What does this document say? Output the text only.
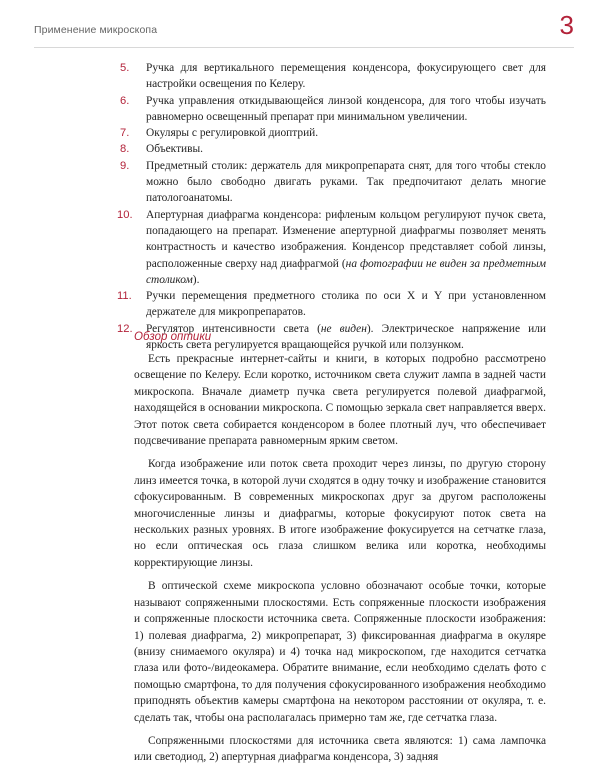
Применение микроскопа	3
5. Ручка для вертикального перемещения конденсора, фокусирующего свет для настройки освещения по Келеру.
6. Ручка управления откидывающейся линзой конденсора, для того чтобы изучать равномерно освещенный препарат при минимальном увеличении.
7. Окуляры с регулировкой диоптрий.
8. Объективы.
9. Предметный столик: держатель для микропрепарата снят, для того чтобы стекло можно было свободно двигать руками. Так предпочитают делать многие патологоанатомы.
10. Апертурная диафрагма конденсора: рифленым кольцом регулируют пучок света, попадающего на препарат. Изменение апертурной диафрагмы позволяет менять контрастность и качество изображения. Конденсор представляет собой линзы, расположенные сверху над диафрагмой (на фотографии не виден за предметным столиком).
11. Ручки перемещения предметного столика по оси X и Y при установленном держателе для микропрепаратов.
12. Регулятор интенсивности света (не виден). Электрическое напряжение или яркость света регулируется вращающейся ручкой или ползунком.
Обзор оптики

Есть прекрасные интернет-сайты и книги, в которых подробно рассмотрено освещение по Келеру. Если коротко, источником света служит лампа в задней части микроскопа. Вначале диаметр пучка света регулируется полевой диафрагмой, находящейся в основании микроскопа. С помощью зеркала свет направляется вверх. Этот поток света собирается конденсором в более плотный луч, что обеспечивает подсвечивание препарата равномерным ярким светом.

Когда изображение или поток света проходит через линзы, по другую сторону линз имеется точка, в которой лучи сходятся в одну точку и изображение становится сфокусированным. В современных микроскопах друг за другом расположены многочисленные линзы и диафрагмы, которые фокусируют поток света на нескольких разных уровнях. В итоге изображение фокусируется на сетчатке глаза, но если оптическая ось глаза слишком велика или коротка, необходимы корректирующие линзы.

В оптической схеме микроскопа условно обозначают особые точки, которые называют сопряженными плоскостями. Есть сопряженные плоскости изображения и сопряженные плоскости источника света. Сопряженные плоскости изображения: 1) полевая диафрагма, 2) микропрепарат, 3) фиксированная диафрагма в окуляре (внизу снимаемого окуляра) и 4) точка над микроскопом, где находится сетчатка глаза или фото-/видеокамера. Обратите внимание, если необходимо сделать фото с помощью смартфона, то для получения сфокусированного изображения необходимо приподнять объектив камеры смартфона на некотором расстоянии от окуляра, т. е. сделать так, чтобы она располагалась примерно там же, где сетчатка глаза.

Сопряженными плоскостями для источника света являются: 1) сама лампочка или светодиод, 2) апертурная диафрагма конденсора, 3) задняя
